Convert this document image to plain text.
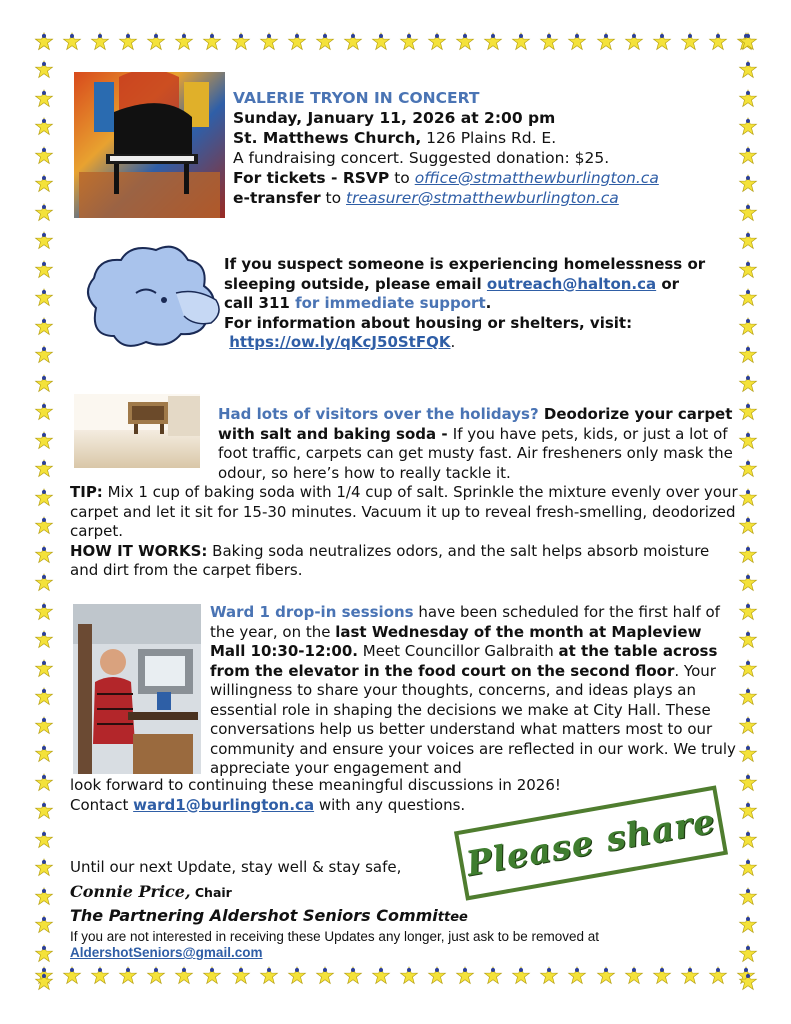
VALERIE TRYON IN CONCERT

Sunday, January 11, 2026 at 2:00 pm

St. Matthews Church, 126 Plains Rd. E.

A fundraising concert. Suggested donation: $25.

For tickets - RSVP to office@stmatthewburlington.ca

e-transfer to treasurer@stmatthewburlington.ca

If you suspect someone is experiencing homelessness or

sleeping outside, please email outreach@halton.ca or

call 311 for immediate support.

For information about housing or shelters, visit:

https://ow.ly/qKcJ50StFQK.

Had lots of visitors over the holidays? Deodorize your carpet with salt and baking soda - If you have pets, kids, or just a lot of foot traffic, carpets can get musty fast. Air fresheners only mask the odour, so here’s how to really tackle it.

TIP: Mix 1 cup of baking soda with 1/4 cup of salt. Sprinkle the mixture evenly over your carpet and let it sit for 15-30 minutes. Vacuum it up to reveal fresh-smelling, deodorized carpet.

HOW IT WORKS: Baking soda neutralizes odors, and the salt helps absorb moisture and dirt from the carpet fibers.

Ward 1 drop-in sessions have been scheduled for the first half of the year, on the last Wednesday of the month at Mapleview Mall 10:30-12:00. Meet Councillor Galbraith at the table across from the elevator in the food court on the second floor. Your willingness to share your thoughts, concerns, and ideas plays an essential role in shaping the decisions we make at City Hall. These conversations help us better understand what matters most to our community and ensure your voices are reflected in our work. We truly appreciate your engagement and

look forward to continuing these meaningful discussions in 2026!

Contact ward1@burlington.ca with any questions.

Please share
Until our next Update, stay well & stay safe,
Connie Price, Chair
The Partnering Aldershot Seniors Committee
If you are not interested in receiving these Updates any longer, just ask to be removed at
AldershotSeniors@gmail.com
